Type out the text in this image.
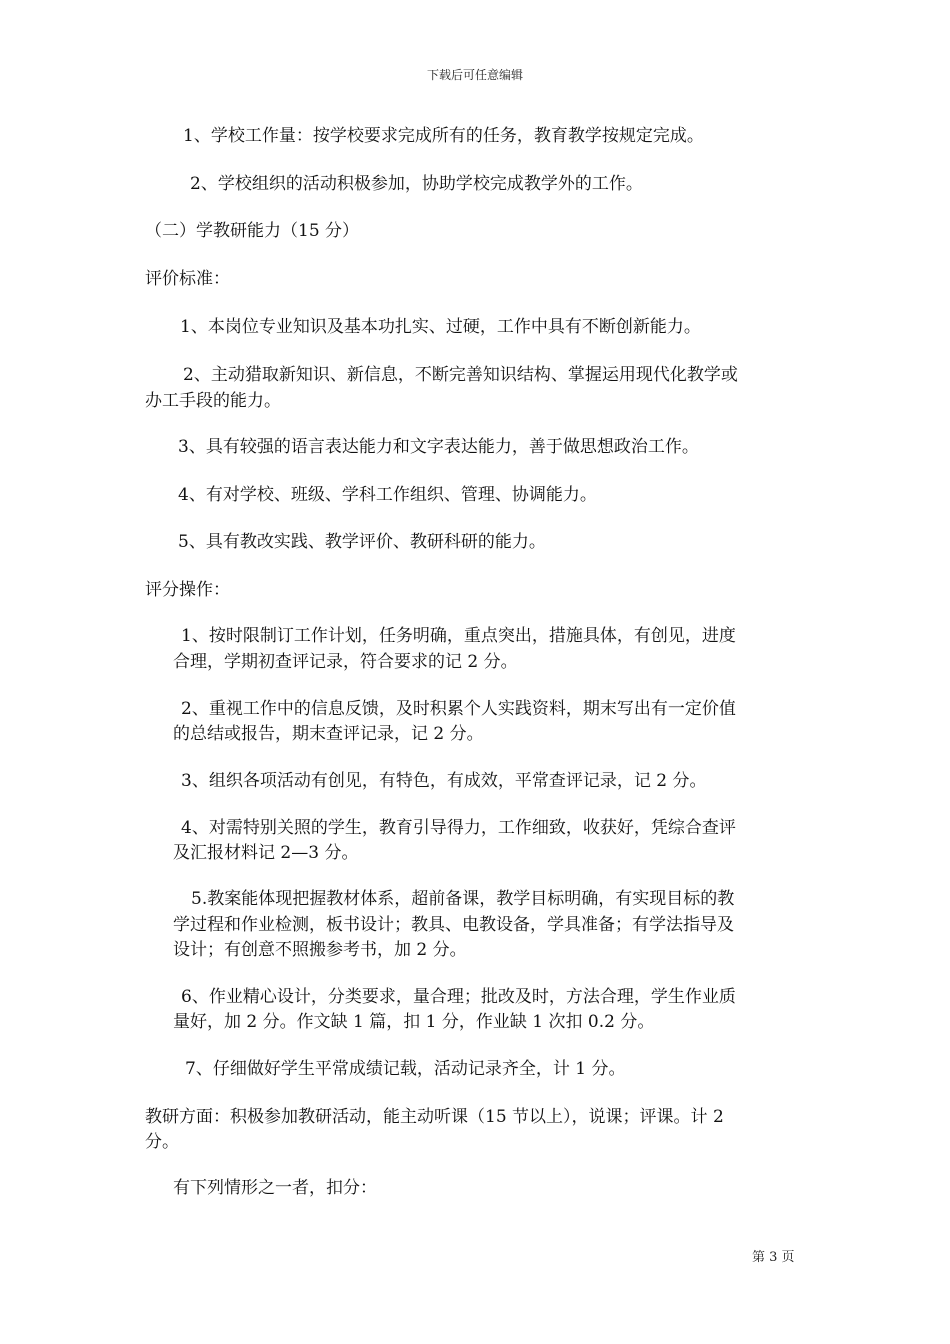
下载后可任意编辑
1、学校工作量：按学校要求完成所有的任务，教育教学按规定完成。
2、学校组织的活动积极参加，协助学校完成教学外的工作。
（二）学教研能力（15 分）
评价标准：
1、本岗位专业知识及基本功扎实、过硬，工作中具有不断创新能力。
2、主动猎取新知识、新信息，不断完善知识结构、掌握运用现代化教学或
办工手段的能力。
3、具有较强的语言表达能力和文字表达能力，善于做思想政治工作。
4、有对学校、班级、学科工作组织、管理、协调能力。
5、具有教改实践、教学评价、教研科研的能力。
评分操作：
1、按时限制订工作计划，任务明确，重点突出，措施具体，有创见，进度
合理，学期初查评记录，符合要求的记 2 分。
2、重视工作中的信息反馈，及时积累个人实践资料，期末写出有一定价值
的总结或报告，期末查评记录，记 2 分。
3、组织各项活动有创见，有特色，有成效，平常查评记录，记 2 分。
4、对需特别关照的学生，教育引导得力，工作细致，收获好，凭综合查评
及汇报材料记 2—3 分。
5.教案能体现把握教材体系，超前备课，教学目标明确，有实现目标的教
学过程和作业检测，板书设计；教具、电教设备，学具准备；有学法指导及
设计；有创意不照搬参考书，加 2 分。
6、作业精心设计，分类要求，量合理；批改及时，方法合理，学生作业质
量好，加 2 分。作文缺 1 篇，扣 1 分，作业缺 1 次扣 0.2 分。
7、仔细做好学生平常成绩记载，活动记录齐全，计 1 分。
教研方面：积极参加教研活动，能主动听课（15 节以上），说课；评课。计 2
分。
有下列情形之一者，扣分：
第 3 页
